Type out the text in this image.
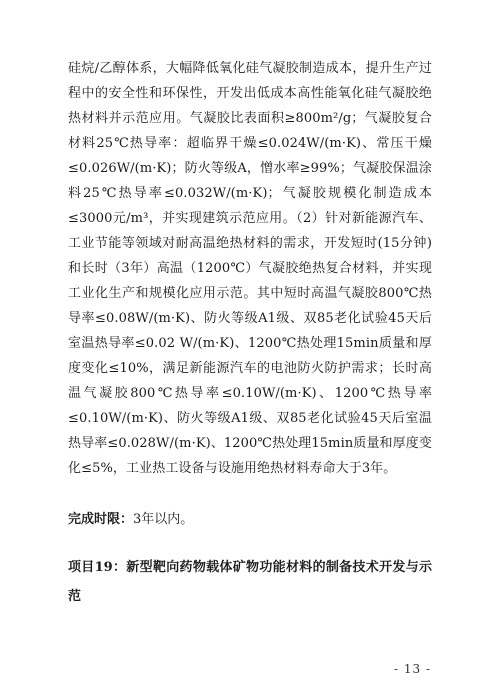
硅烷/乙醇体系，大幅降低氧化硅气凝胶制造成本，提升生产过程中的安全性和环保性，开发出低成本高性能氧化硅气凝胶绝热材料并示范应用。气凝胶比表面积≥800m²/g；气凝胶复合材料25℃热导率：超临界干燥≤0.024W/(m·K)、常压干燥≤0.026W/(m·K)；防火等级A，憎水率≥99%；气凝胶保温涂料25℃热导率≤0.032W/(m·K)；气凝胶规模化制造成本≤3000元/m³，并实现建筑示范应用。（2）针对新能源汽车、工业节能等领域对耐高温绝热材料的需求，开发短时(15分钟)和长时（3年）高温（1200℃）气凝胶绝热复合材料，并实现工业化生产和规模化应用示范。其中短时高温气凝胶800℃热导率≤0.08W/(m·K)、防火等级A1级、双85老化试验45天后室温热导率≤0.02 W/(m·K)、1200℃热处理15min质量和厚度变化≤10%，满足新能源汽车的电池防火防护需求；长时高温气凝胶800℃热导率≤0.10W/(m·K)、1200℃热导率≤0.10W/(m·K)、防火等级A1级、双85老化试验45天后室温热导率≤0.028W/(m·K)、1200℃热处理15min质量和厚度变化≤5%，工业热工设备与设施用绝热材料寿命大于3年。

完成时限：3年以内。

项目19：新型靶向药物载体矿物功能材料的制备技术开发与示范

- 13 -
